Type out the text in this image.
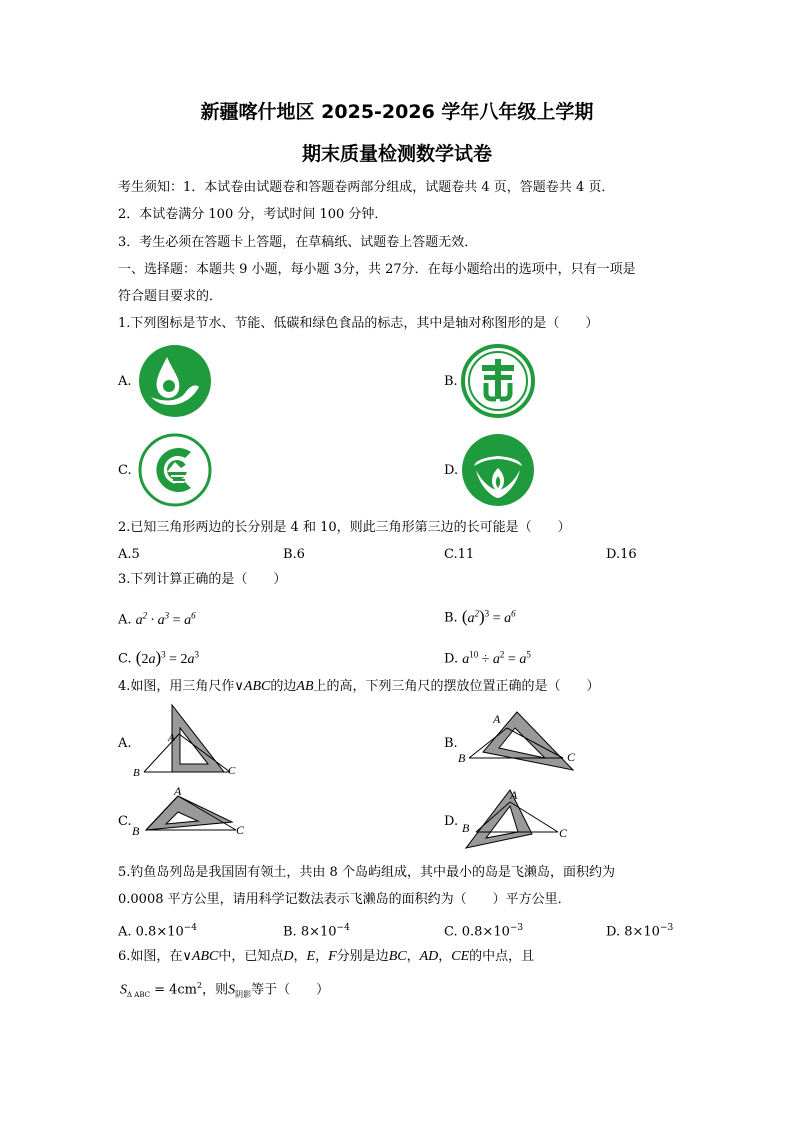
新疆喀什地区 2025-2026 学年八年级上学期
期末质量检测数学试卷
考生须知：1．本试卷由试题卷和答题卷两部分组成，试题卷共 4 页，答题卷共 4 页．
2．本试卷满分 100 分，考试时间 100 分钟．
3．考生必须在答题卡上答题，在草稿纸、试题卷上答题无效．
一、选择题：本题共 9 小题，每小题 3分，共 27分．在每小题给出的选项中，只有一项是
符合题目要求的．
1.下列图标是节水、节能、低碳和绿色食品的标志，其中是轴对称图形的是（　　）
A.	B.
C.	D.
2.已知三角形两边的长分别是 4 和 10，则此三角形第三边的长可能是（　　）
A.5	B.6	C.11	D.16
3.下列计算正确的是（　　）
A. $a^2 \cdot a^3 = a^6$	B. $(a^2)^3 = a^6$
C. $(2a)^3 = 2a^3$	D. $a^{10} \div a^2 = a^5$
4.如图，用三角尺作∨ABC的边AB上的高，下列三角尺的摆放位置正确的是（　　）
A.	B.
C.	D.
A
B	C
A
B	C
A
B	C
A
B	C
5.钓鱼岛列岛是我国固有领土，共由 8 个岛屿组成，其中最小的岛是飞濑岛，面积约为
0.0008 平方公里，请用科学记数法表示飞濑岛的面积约为（　　）平方公里．
A. $0.8\times 10^{-4}$	B. $8\times 10^{-4}$	C. $0.8\times 10^{-3}$	D. $8\times 10^{-3}$
6.如图，在∨ABC中，已知点D，E，F分别是边BC，AD，CE的中点，且
$S_{\Delta ABC} = 4cm^2$，则$S_{阴影}$等于（　　）
